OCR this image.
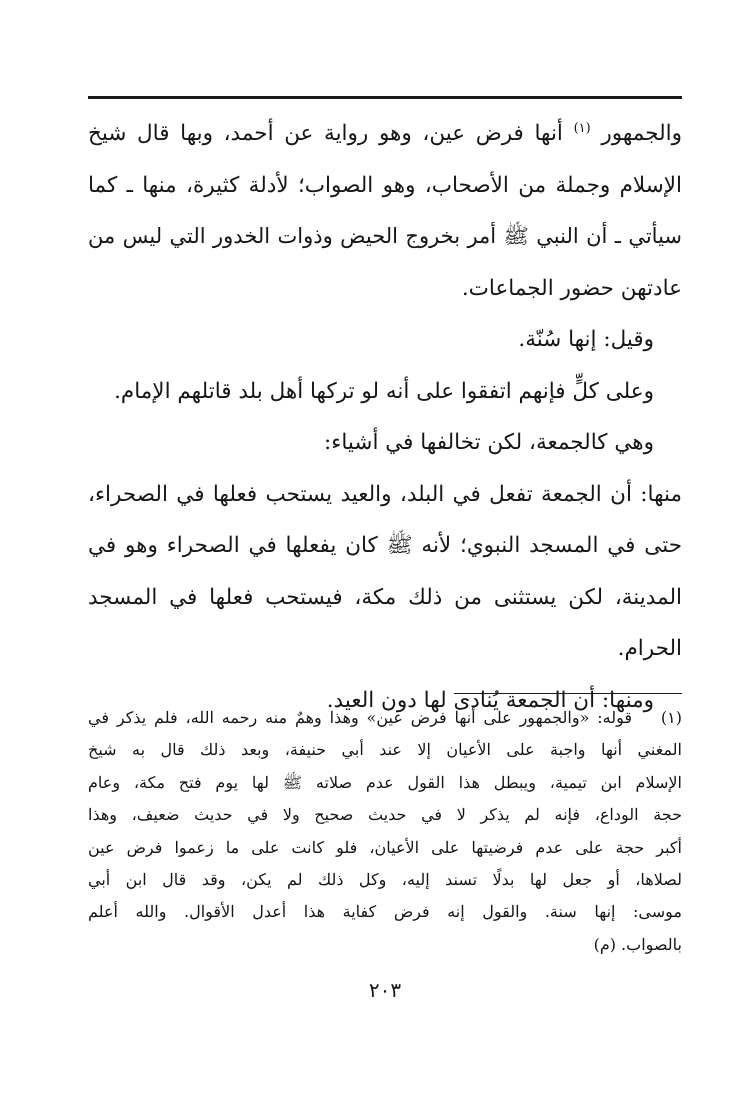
والجمهور $^{(١)}$ أنها فرض عين، وهو رواية عن أحمد، وبها قال شيخ
الإسلام وجملة من الأصحاب، وهو الصواب؛ لأدلة كثيرة، منها ـ كما
سيأتي ـ أن النبي ﷺ أمر بخروج الحيض وذوات الخدور التي ليس من
عادتهن حضور الجماعات.
وقيل: إنها سُنّة.
وعلى كلٍّ فإنهم اتفقوا على أنه لو تركها أهل بلد قاتلهم الإمام.
وهي كالجمعة، لكن تخالفها في أشياء:
منها: أن الجمعة تفعل في البلد، والعيد يستحب فعلها في الصحراء،
حتى في المسجد النبوي؛ لأنه ﷺ كان يفعلها في الصحراء وهو في
المدينة، لكن يستثنى من ذلك مكة، فيستحب فعلها في المسجد
الحرام.
ومنها: أن الجمعة يُنادى لها دون العيد.
(١)قوله: «والجمهور على أنها فرض عين» وهذا وهمٌ منه رحمه الله، فلم يذكر في
المغني أنها واجبة على الأعيان إلا عند أبي حنيفة، وبعد ذلك قال به شيخ
الإسلام ابن تيمية، ويبطل هذا القول عدم صلاته ﷺ لها يوم فتح مكة، وعام
حجة الوداع، فإنه لم يذكر لا في حديث صحيح ولا في حديث ضعيف، وهذا
أكبر حجة على عدم فرضيتها على الأعيان، فلو كانت على ما زعموا فرض عين
لصلاها، أو جعل لها بدلًا تسند إليه، وكل ذلك لم يكن، وقد قال ابن أبي
موسى: إنها سنة. والقول إنه فرض كفاية هذا أعدل الأقوال. والله أعلم
بالصواب. (م)
٢٠٣
